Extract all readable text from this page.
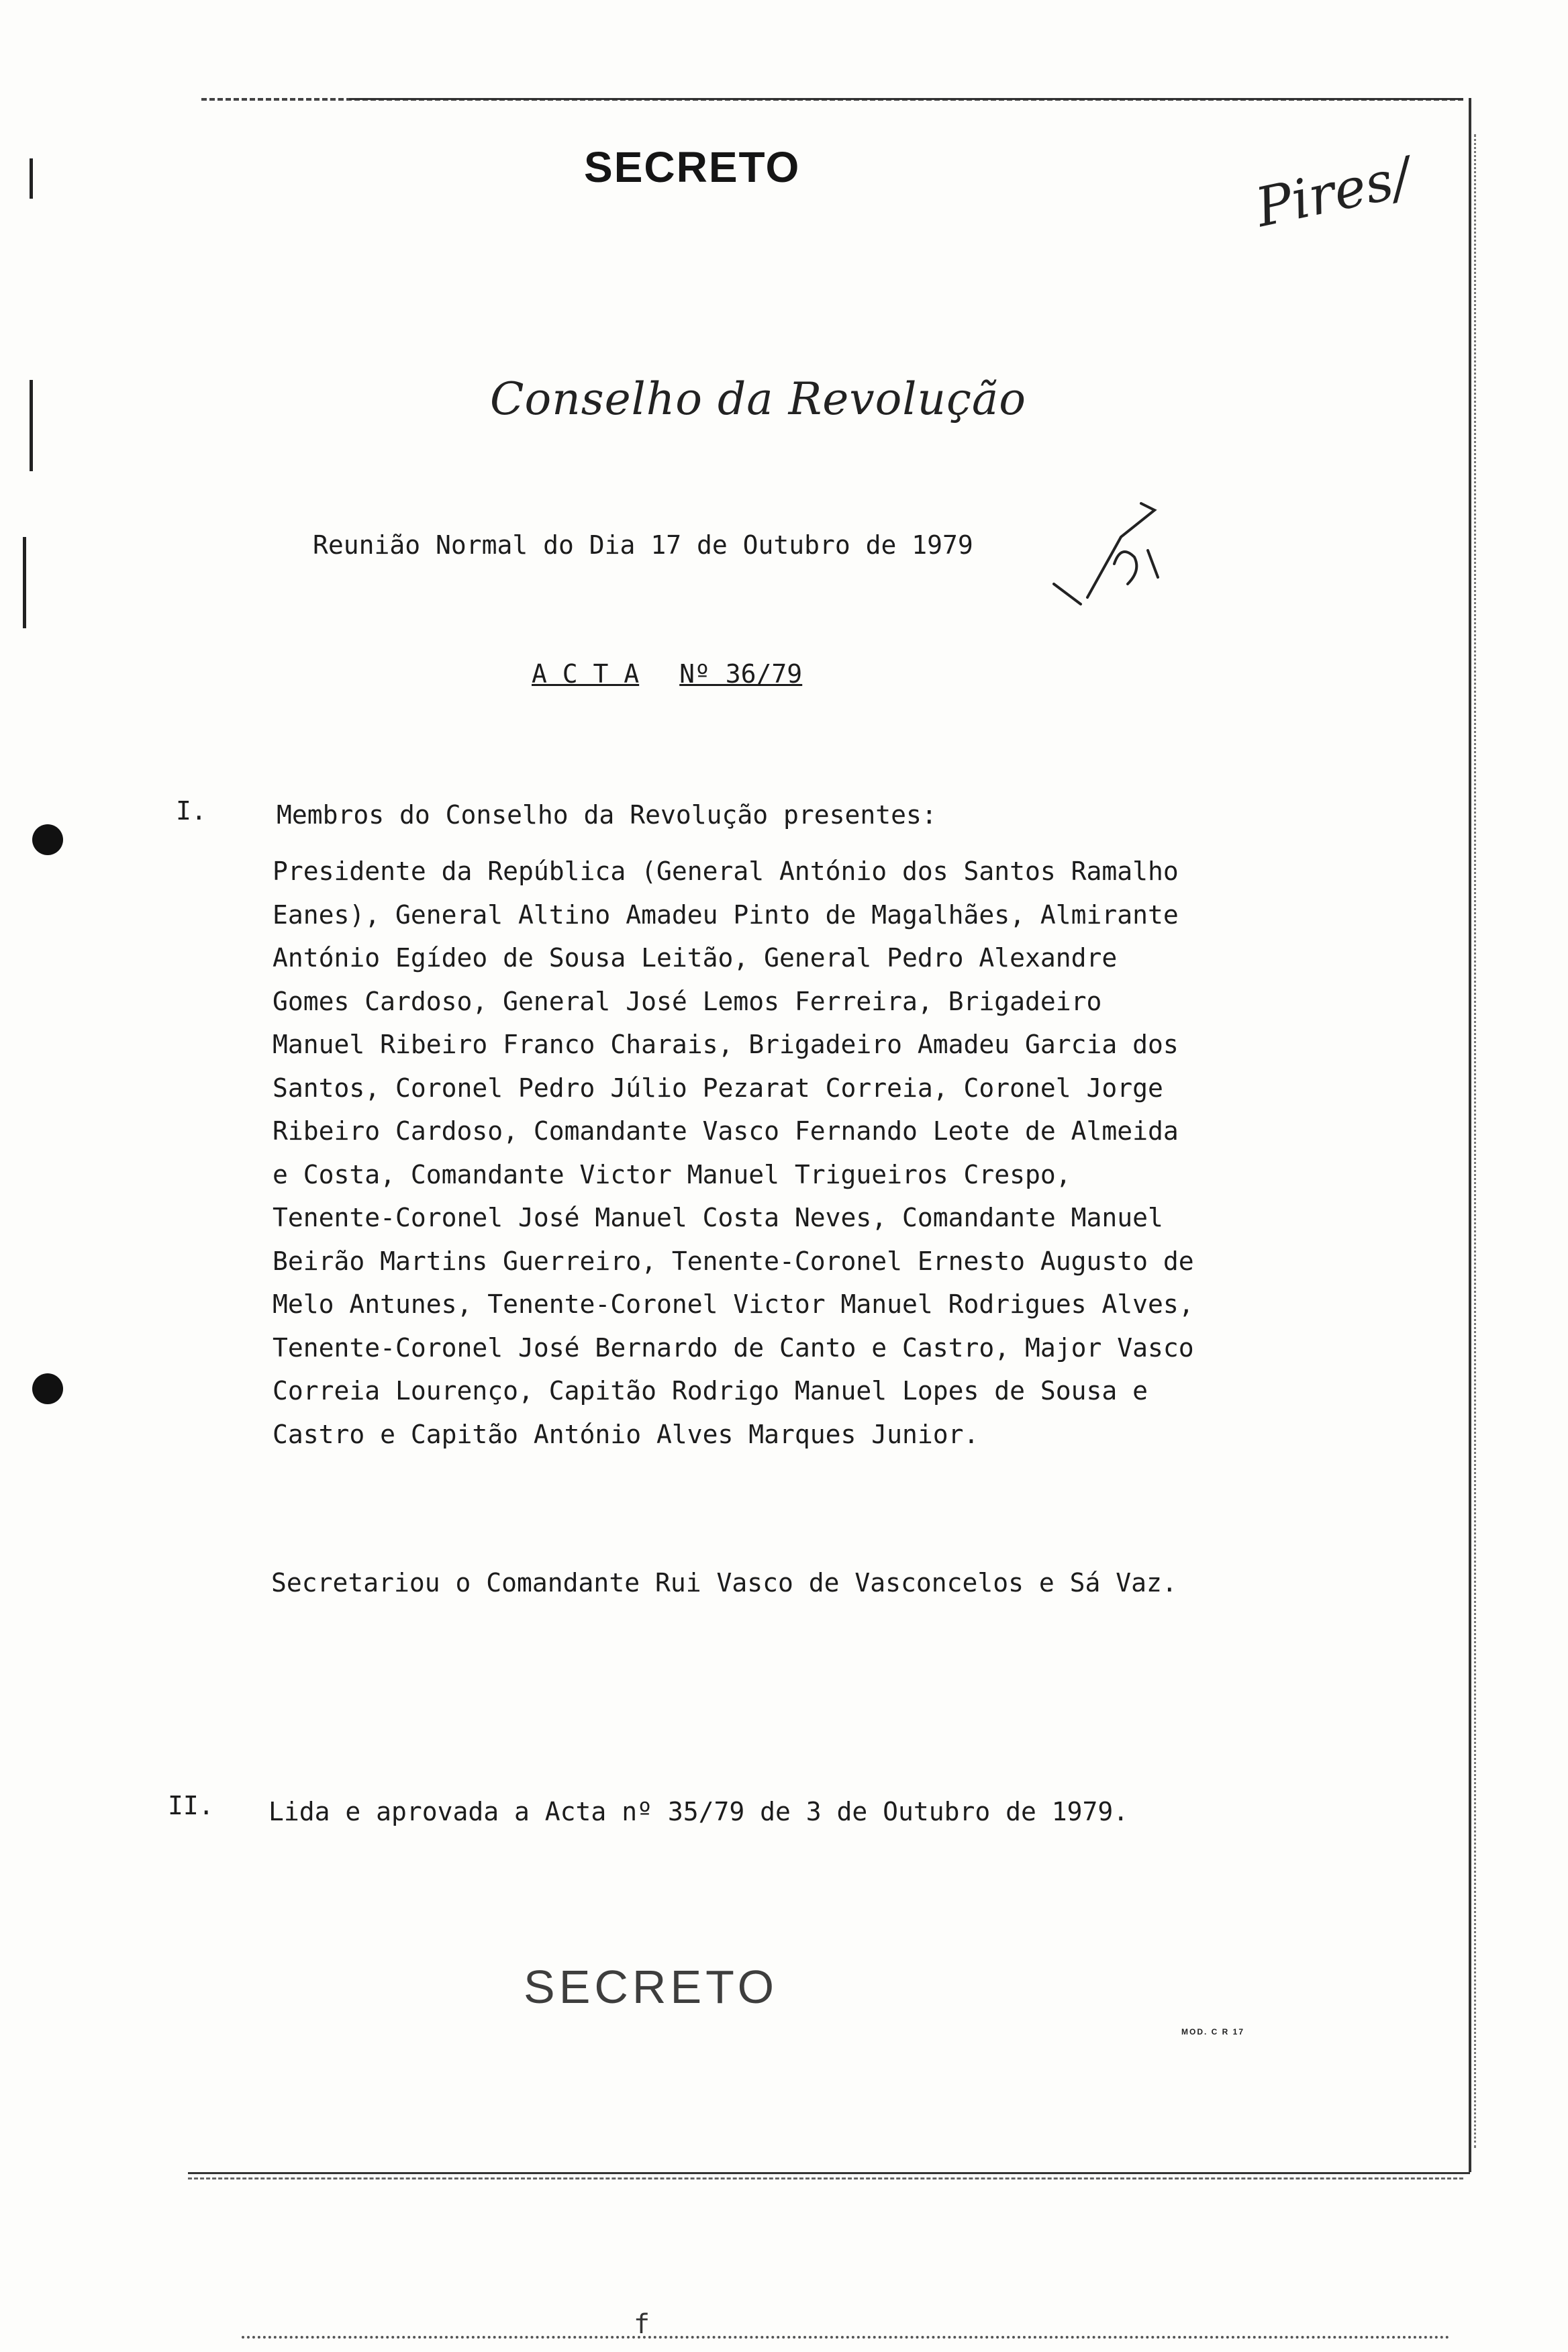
SECRETO	Pires/
Conselho da Revolução
Reunião Normal do Dia 17 de Outubro de 1979
A C T A Nº 36/79
I.	Membros do Conselho da R​evolução presentes:
Presidente da República (General António dos Santos Ramalho Eanes), General Altino Amadeu Pinto de Magalhães, Almirante António Egídeo de Sousa Leitão, General Pedro Alexandre Gomes Cardoso, General José Lemos Ferreira, Brigadeiro Manuel Ribeiro Franco Charais, Brigadeiro Amadeu Garcia dos Santos, Coronel Pedro Júlio Pezarat Correia, Coronel Jorge Ribeiro Cardoso, Comandante Vasco Fernando Leote de Almeida e Costa, Comandante Victor Manuel Trigueiros Crespo, Tenente-Coronel José Manuel Costa Neves, Comandante Manuel Beirão Martins Guerreiro, Tenente-Coronel Ernesto Augusto de Melo Antunes, Tenente-Coronel Victor Manuel Rodrigues Alves, Tenente-Coronel José Bernardo de Canto e Castro, Major Vasco Correia Lourenço, Capitão Rodrigo Manuel Lopes de Sousa e Castro e Capitão António Alves Marques Junior.
Secretariou o Comandante Rui Vasco de Vasconcelos e Sá Vaz.
II. Lida e aprovada a Acta nº 35/79 de 3 de Outubro de 1979.
SECRETO
MOD. C R 17
f
